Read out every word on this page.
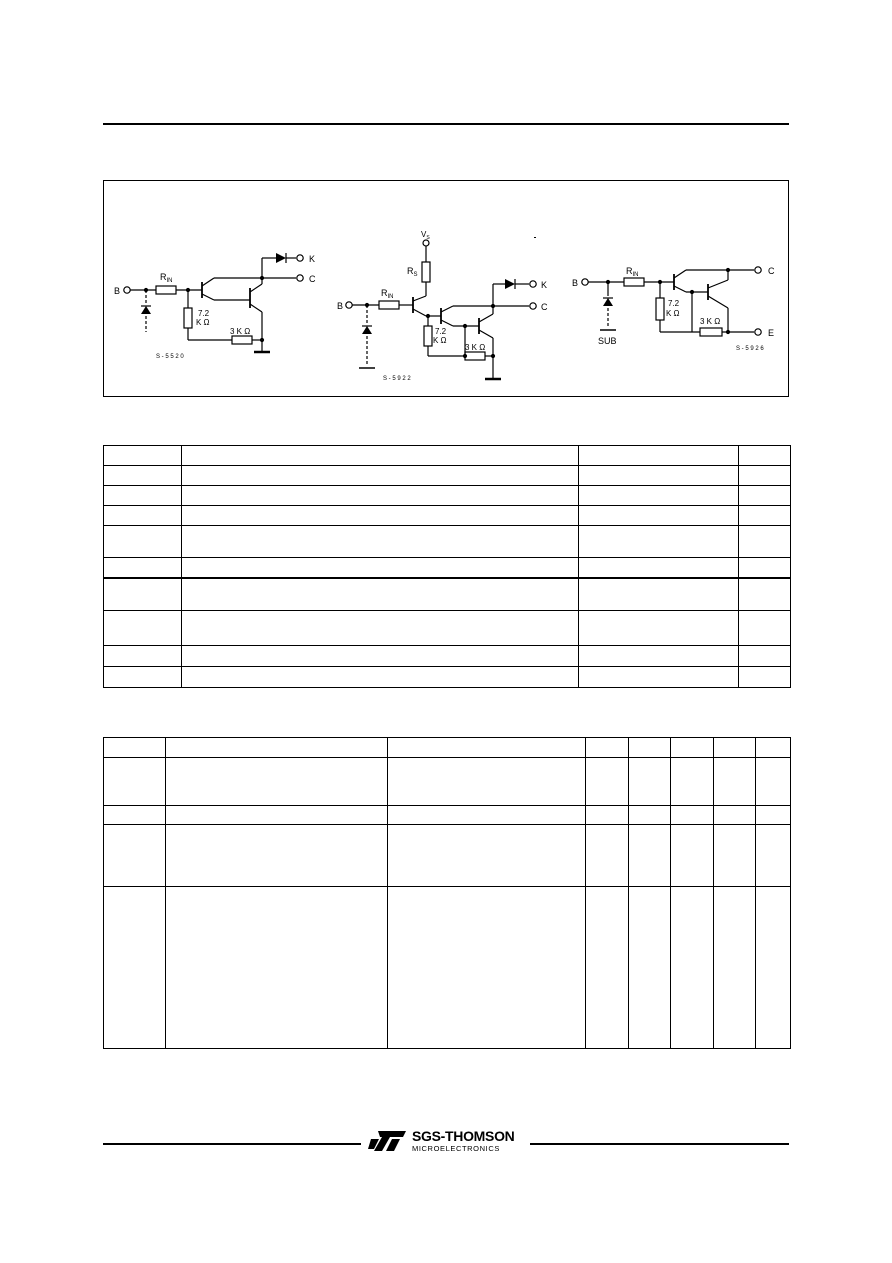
B
$R_{IN}$
7.2
K Ω
K
C
3 K Ω
S - 5 5 2 0
$V_S$
$R_S$
B
$R_{IN}$
7.2
K Ω
K
C
3 K Ω
S - 5 9 2 2
B
SUB
$R_{IN}$
7.2
K Ω
C
E
3 K Ω
S - 5 9 2 6

SGS-THOMSON
MICROELECTRONICS
